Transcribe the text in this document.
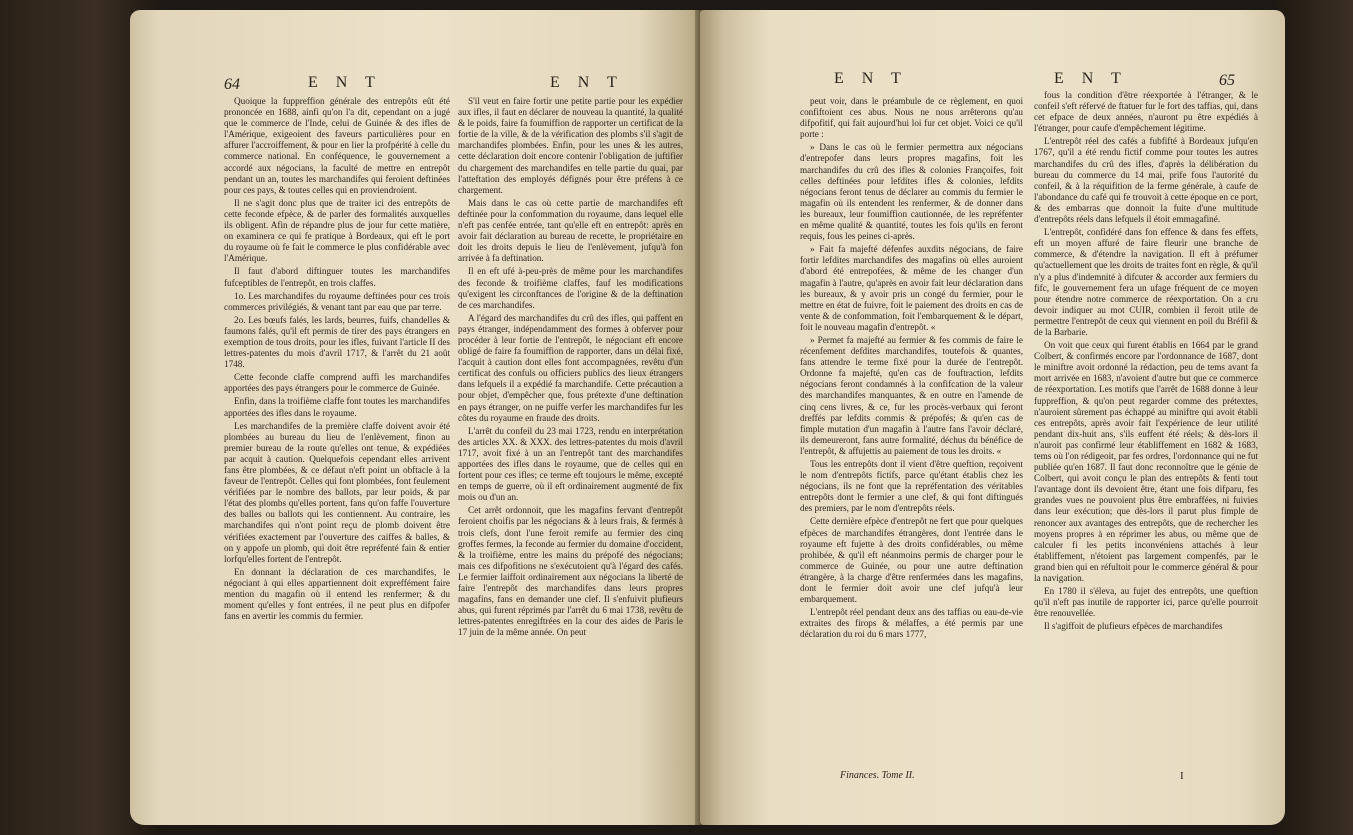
64	E N T	E N T

Quoique la fuppreffion générale des entrepôts eût été prononcée en 1688, ainfi qu'on l'a dit, cependant on a jugé que le commerce de l'Inde, celui de Guinée & des ifles de l'Amérique, exigeoient des faveurs particulières pour en affurer l'accroiffement, & pour en lier la profpérité à celle du commerce national. En conféquence, le gouvernement a accordé aux négocians, la faculté de mettre en entrepôt pendant un an, toutes les marchandifes qui feroient deftinées pour ces pays, & toutes celles qui en proviendroient.

Il ne s'agit donc plus que de traiter ici des entrepôts de cette feconde efpèce, & de parler des formalités auxquelles ils obligent. Afin de répandre plus de jour fur cette matière, on examinera ce qui fe pratique à Bordeaux, qui eft le port du royaume où fe fait le commerce le plus confidérable avec l'Amérique.

Il faut d'abord diftinguer toutes les marchandifes fufceptibles de l'entrepôt, en trois claffes.

1o. Les marchandifes du royaume deftinées pour ces trois commerces privilégiés, & venant tant par eau que par terre.

2o. Les bœufs falés, les lards, beurres, fuifs, chandelles & faumons falés, qu'il eft permis de tirer des pays étrangers en exemption de tous droits, pour les ifles, fuivant l'article II des lettres-patentes du mois d'avril 1717, & l'arrêt du 21 août 1748.

Cette feconde claffe comprend auffi les marchandifes apportées des pays étrangers pour le commerce de Guinée.

Enfin, dans la troifième claffe font toutes les marchandifes apportées des ifles dans le royaume.

Les marchandifes de la première claffe doivent avoir été plombées au bureau du lieu de l'enlèvement, finon au premier bureau de la route qu'elles ont tenue, & expédiées par acquit à caution. Quelquefois cependant elles arrivent fans être plombées, & ce défaut n'eft point un obftacle à la faveur de l'entrepôt. Celles qui font plombées, font feulement vérifiées par le nombre des ballots, par leur poids, & par l'état des plombs qu'elles portent, fans qu'on faffe l'ouverture des balles ou ballots qui les contiennent. Au contraire, les marchandifes qui n'ont point reçu de plomb doivent être vérifiées exactement par l'ouverture des caiffes & balles, & on y appofe un plomb, qui doit être repréfenté fain & entier lorfqu'elles fortent de l'entrepôt.

En donnant la déclaration de ces marchandifes, le négociant à qui elles appartiennent doit expreffément faire mention du magafin où il entend les renfermer; & du moment qu'elles y font entrées, il ne peut plus en difpofer fans en avertir les commis du fermier.

S'il veut en faire fortir une petite partie pour les expédier aux ifles, il faut en déclarer de nouveau la quantité, la qualité & le poids, faire fa foumiffion de rapporter un certificat de la fortie de la ville, & de la vérification des plombs s'il s'agit de marchandifes plombées. Enfin, pour les unes & les autres, cette déclaration doit encore contenir l'obligation de juftifier du chargement des marchandifes en telle partie du quai, par l'atteftation des employés défignés pour être préfens à ce chargement.

Mais dans le cas où cette partie de marchandifes eft deftinée pour la confommation du royaume, dans lequel elle n'eft pas cenfée entrée, tant qu'elle eft en entrepôt: après en avoir fait déclaration au bureau de recette, le propriétaire en doit les droits depuis le lieu de l'enlèvement, jufqu'à fon arrivée à fa deftination.

Il en eft ufé à-peu-près de même pour les marchandifes des feconde & troifième claffes, fauf les modifications qu'exigent les circonftances de l'origine & de la deftination de ces marchandifes.

A l'égard des marchandifes du crû des ifles, qui paffent en pays étranger, indépendamment des formes à obferver pour procéder à leur fortie de l'entrepôt, le négociant eft encore obligé de faire fa foumiffion de rapporter, dans un délai fixé, l'acquit à caution dont elles font accompagnées, revêtu d'un certificat des confuls ou officiers publics des lieux étrangers dans lefquels il a expédié fa marchandife. Cette précaution a pour objet, d'empêcher que, fous prétexte d'une deftination en pays étranger, on ne puiffe verfer les marchandifes fur les côtes du royaume en fraude des droits.

L'arrêt du confeil du 23 mai 1723, rendu en interprétation des articles XX. & XXX. des lettres-patentes du mois d'avril 1717, avoit fixé à un an l'entrepôt tant des marchandifes apportées des ifles dans le royaume, que de celles qui en fortent pour ces ifles; ce terme eft toujours le même, excepté en temps de guerre, où il eft ordinairement augmenté de fix mois ou d'un an.

Cet arrêt ordonnoit, que les magafins fervant d'entrepôt feroient choifis par les négocians & à leurs frais, & fermés à trois clefs, dont l'une feroit remife au fermier des cinq groffes fermes, la feconde au fermier du domaine d'occident, & la troifième, entre les mains du prépofé des négocians; mais ces difpofitions ne s'exécutoient qu'à l'égard des cafés. Le fermier laiffoit ordinairement aux négocians la liberté de faire l'entrepôt des marchandifes dans leurs propres magafins, fans en demander une clef. Il s'enfuivit plufieurs abus, qui furent réprimés par l'arrêt du 6 mai 1738, revêtu de lettres-patentes enregiftrées en la cour des aides de Paris le 17 juin de la même année. On peut

E N T	E N T	65

peut voir, dans le préambule de ce règlement, en quoi confiftoient ces abus. Nous ne nous arrêterons qu'au difpofitif, qui fait aujourd'hui loi fur cet objet. Voici ce qu'il porte :

» Dans le cas où le fermier permettra aux négocians d'entrepofer dans leurs propres magafins, foit les marchandifes du crû des ifles & colonies Françoifes, foit celles deftinées pour lefdites ifles & colonies, lefdits négocians feront tenus de déclarer au commis du fermier le magafin où ils entendent les renfermer, & de donner dans les bureaux, leur foumiffion cautionnée, de les repréfenter en même qualité & quantité, toutes les fois qu'ils en feront requis, fous les peines ci-après.

» Fait fa majefté défenfes auxdits négocians, de faire fortir lefdites marchandifes des magafins où elles auroient d'abord été entrepofées, & même de les changer d'un magafin à l'autre, qu'après en avoir fait leur déclaration dans les bureaux, & y avoir pris un congé du fermier, pour le mettre en état de fuivre, foit le paiement des droits en cas de vente & de confommation, foit l'embarquement & le départ, foit le nouveau magafin d'entrepôt. «

» Permet fa majefté au fermier & fes commis de faire le récenfement defdites marchandifes, toutefois & quantes, fans attendre le terme fixé pour la durée de l'entrepôt. Ordonne fa majefté, qu'en cas de fouftraction, lefdits négocians feront condamnés à la confifcation de la valeur des marchandifes manquantes, & en outre en l'amende de cinq cens livres, & ce, fur les procès-verbaux qui feront dreffés par lefdits commis & prépofés; & qu'en cas de fimple mutation d'un magafin à l'autre fans l'avoir déclaré, ils demeureront, fans autre formalité, déchus du bénéfice de l'entrepôt, & affujettis au paiement de tous les droits. «

Tous les entrepôts dont il vient d'être queftion, reçoivent le nom d'entrepôts fictifs, parce qu'étant établis chez les négocians, ils ne font que la repréfentation des véritables entrepôts dont le fermier a une clef, & qui font diftingués des premiers, par le nom d'entrepôts réels.

Cette dernière efpèce d'entrepôt ne fert que pour quelques efpèces de marchandifes étrangères, dont l'entrée dans le royaume eft fujette à des droits confidérables, ou même prohibée, & qu'il eft néanmoins permis de charger pour le commerce de Guinée, ou pour une autre deftination étrangère, à la charge d'être renfermées dans les magafins, dont le fermier doit avoir une clef jufqu'à leur embarquement.

L'entrepôt réel pendant deux ans des taffias ou eau-de-vie extraites des firops & mélaffes, a été permis par une déclaration du roi du 6 mars 1777,

Finances. Tome II.

fous la condition d'être réexportée à l'étranger, & le confeil s'eft réfervé de ftatuer fur le fort des taffias, qui, dans cet efpace de deux années, n'auront pu être expédiés à l'étranger, pour caufe d'empêchement légitime.

L'entrepôt réel des cafés a fubfifté à Bordeaux jufqu'en 1767, qu'il a été rendu fictif comme pour toutes les autres marchandifes du crû des ifles, d'après la délibération du bureau du commerce du 14 mai, prife fous l'autorité du confeil, & à la réquifition de la ferme générale, à caufe de l'abondance du café qui fe trouvoit à cette époque en ce port, & des embarras que donnoit la fuite d'une multitude d'entrepôts réels dans lefquels il étoit emmagafiné.

L'entrepôt, confidéré dans fon effence & dans fes effets, eft un moyen affuré de faire fleurir une branche de commerce, & d'étendre la navigation. Il eft à préfumer qu'actuellement que les droits de traites font en règle, & qu'il n'y a plus d'indemnité à difcuter & accorder aux fermiers du fifc, le gouvernement fera un ufage fréquent de ce moyen pour étendre notre commerce de réexportation. On a cru devoir indiquer au mot CUIR, combien il feroit utile de permettre l'entrepôt de ceux qui viennent en poil du Bréfil & de la Barbarie.

On voit que ceux qui furent établis en 1664 par le grand Colbert, & confirmés encore par l'ordonnance de 1687, dont le miniftre avoit ordonné la rédaction, peu de tems avant fa mort arrivée en 1683, n'avoient d'autre but que ce commerce de réexportation. Les motifs que l'arrêt de 1688 donne à leur fuppreffion, & qu'on peut regarder comme des prétextes, n'auroient sûrement pas échappé au miniftre qui avoit établi ces entrepôts, après avoir fait l'expérience de leur utilité pendant dix-huit ans, s'ils euffent été réels; & dès-lors il n'auroit pas confirmé leur établiffement en 1682 & 1683, tems où l'on rédigeoit, par fes ordres, l'ordonnance qui ne fut publiée qu'en 1687. Il faut donc reconnoître que le génie de Colbert, qui avoit conçu le plan des entrepôts & fenti tout l'avantage dont ils devoient être, étant une fois difparu, fes grandes vues ne pouvoient plus être embraffées, ni fuivies dans leur exécution; que dès-lors il parut plus fimple de renoncer aux avantages des entrepôts, que de rechercher les moyens propres à en réprimer les abus, ou même que de calculer fi les petits inconvéniens attachés à leur établiffement, n'étoient pas largement compenfés, par le grand bien qui en réfultoit pour le commerce général & pour la navigation.

En 1780 il s'éleva, au fujet des entrepôts, une queftion qu'il n'eft pas inutile de rapporter ici, parce qu'elle pourroit être renouvellée.

Il s'agiffoit de plufieurs efpèces de marchandifes

I
